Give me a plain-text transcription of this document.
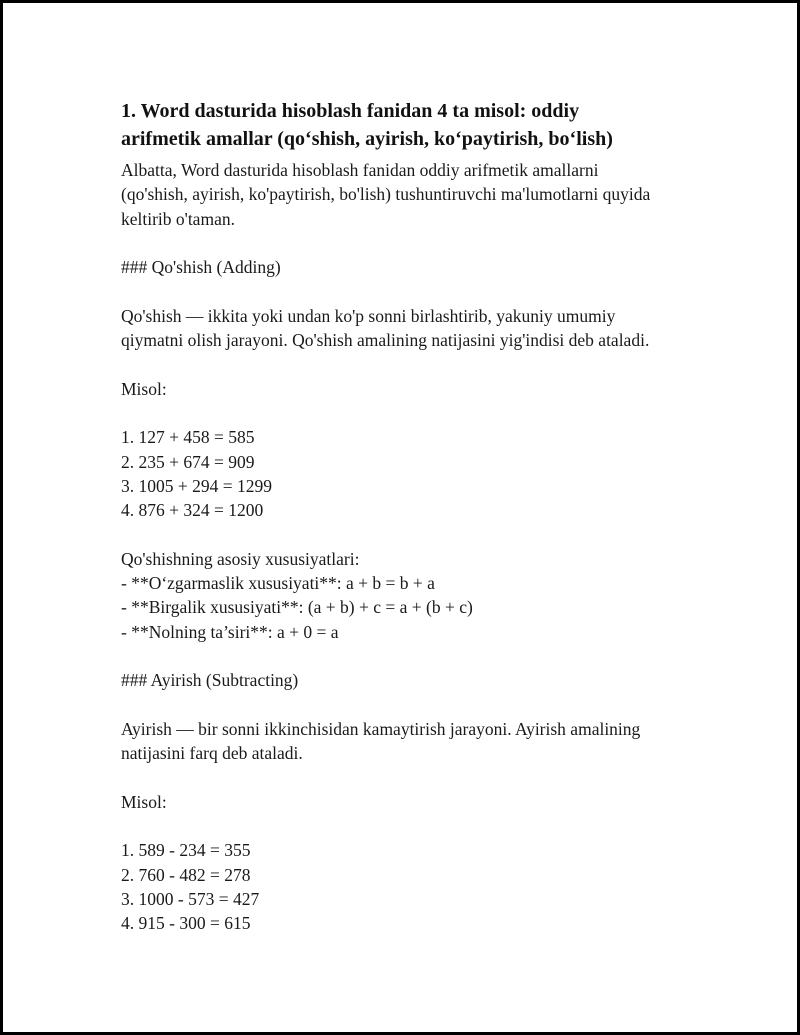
1. Word dasturida hisoblash fanidan 4 ta misol: oddiy
arifmetik amallar (qo‘shish, ayirish, ko‘paytirish, bo‘lish)

Albatta, Word dasturida hisoblash fanidan oddiy arifmetik amallarni
(qo'shish, ayirish, ko'paytirish, bo'lish) tushuntiruvchi ma'lumotlarni quyida
keltirib o'taman.

### Qo'shish (Adding)

Qo'shish — ikkita yoki undan ko'p sonni birlashtirib, yakuniy umumiy
qiymatni olish jarayoni. Qo'shish amalining natijasini yig'indisi deb ataladi.

Misol:

1. 127 + 458 = 585

2. 235 + 674 = 909

3. 1005 + 294 = 1299

4. 876 + 324 = 1200

Qo'shishning asosiy xususiyatlari:

- **O‘zgarmaslik xususiyati**: a + b = b + a

- **Birgalik xususiyati**: (a + b) + c = a + (b + c)

- **Nolning ta’siri**: a + 0 = a

### Ayirish (Subtracting)

Ayirish — bir sonni ikkinchisidan kamaytirish jarayoni. Ayirish amalining
natijasini farq deb ataladi.

Misol:

1. 589 - 234 = 355

2. 760 - 482 = 278

3. 1000 - 573 = 427

4. 915 - 300 = 615
